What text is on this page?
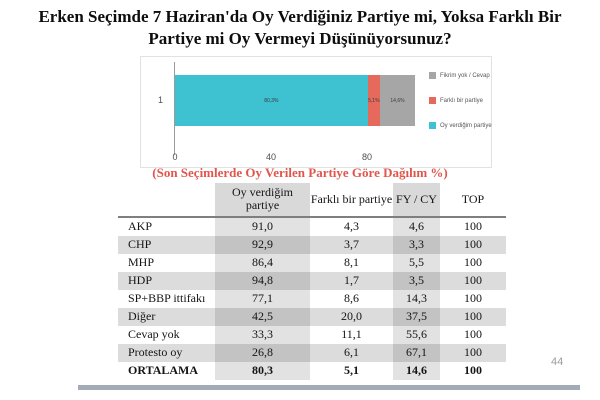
Erken Seçimde 7 Haziran'da Oy Verdiğiniz Partiye mi, Yoksa Farklı Bir Partiye mi Oy Vermeyi Düşünüyorsunuz?
1	80,3%	5,1% 14,6%
0	40	80
Fikrim yok / Cevap
Farklı bir partiye
Oy verdiğim partiye
(Son Seçimlerde Oy Verilen Partiye Göre Dağılım %)
	Oy verdiğim partiye	Farklı bir partiye	FY / CY	TOP
AKP	91,0	4,3	4,6	100
CHP	92,9	3,7	3,3	100
MHP	86,4	8,1	5,5	100
HDP	94,8	1,7	3,5	100
SP+BBP ittifakı	77,1	8,6	14,3	100
Diğer	42,5	20,0	37,5	100
Cevap yok	33,3	11,1	55,6	100
Protesto oy	26,8	6,1	67,1	100
ORTALAMA	80,3	5,1	14,6	100
44
